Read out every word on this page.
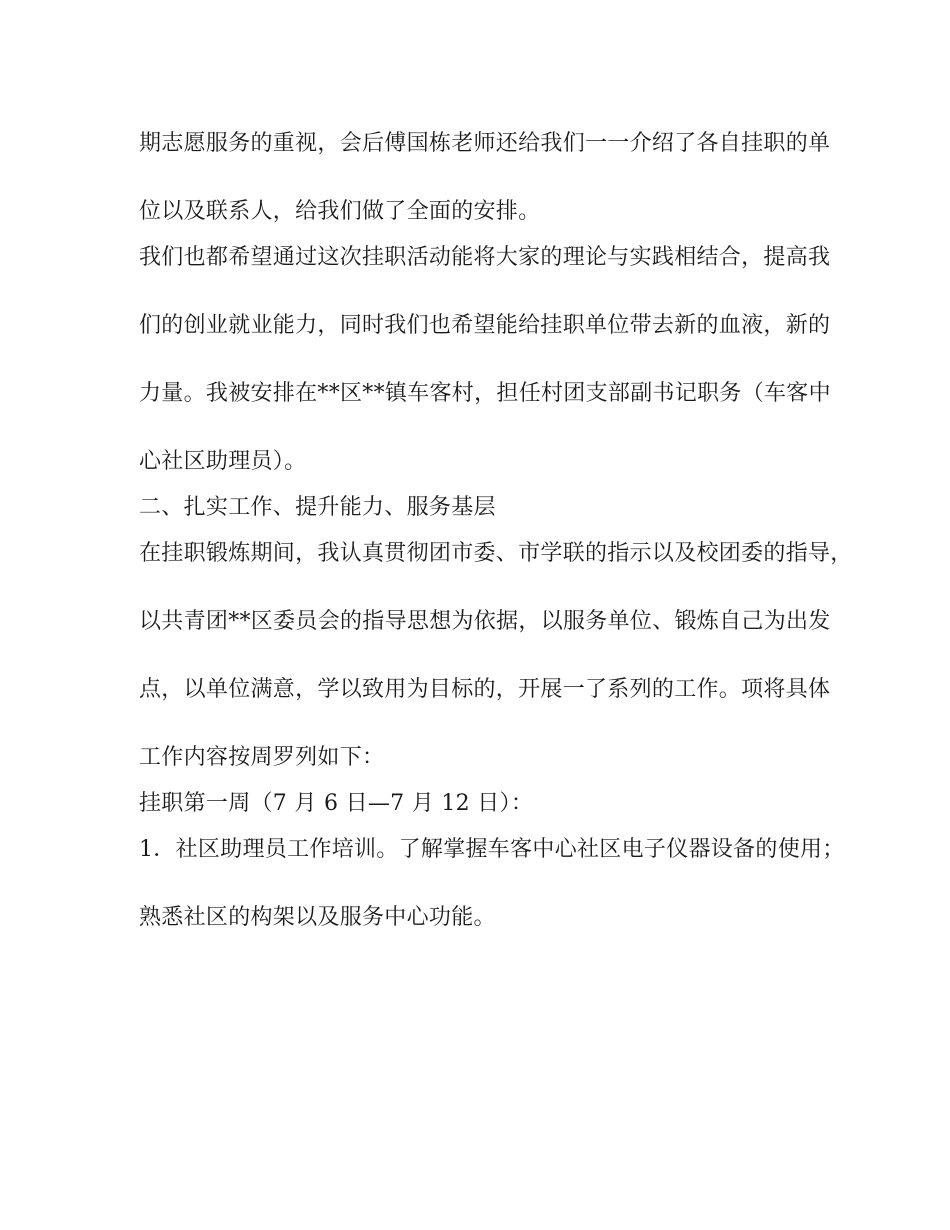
期志愿服务的重视，会后傅国栋老师还给我们一一介绍了各自挂职的单
位以及联系人，给我们做了全面的安排。
我们也都希望通过这次挂职活动能将大家的理论与实践相结合，提高我
们的创业就业能力，同时我们也希望能给挂职单位带去新的血液，新的
力量。我被安排在**区**镇车客村，担任村团支部副书记职务（车客中
心社区助理员）。
二、扎实工作、提升能力、服务基层
在挂职锻炼期间，我认真贯彻团市委、市学联的指示以及校团委的指导，
以共青团**区委员会的指导思想为依据，以服务单位、锻炼自己为出发
点，以单位满意，学以致用为目标的，开展一了系列的工作。项将具体
工作内容按周罗列如下：
挂职第一周（7 月 6 日—7 月 12 日）：
1．社区助理员工作培训。了解掌握车客中心社区电子仪器设备的使用；
熟悉社区的构架以及服务中心功能。
